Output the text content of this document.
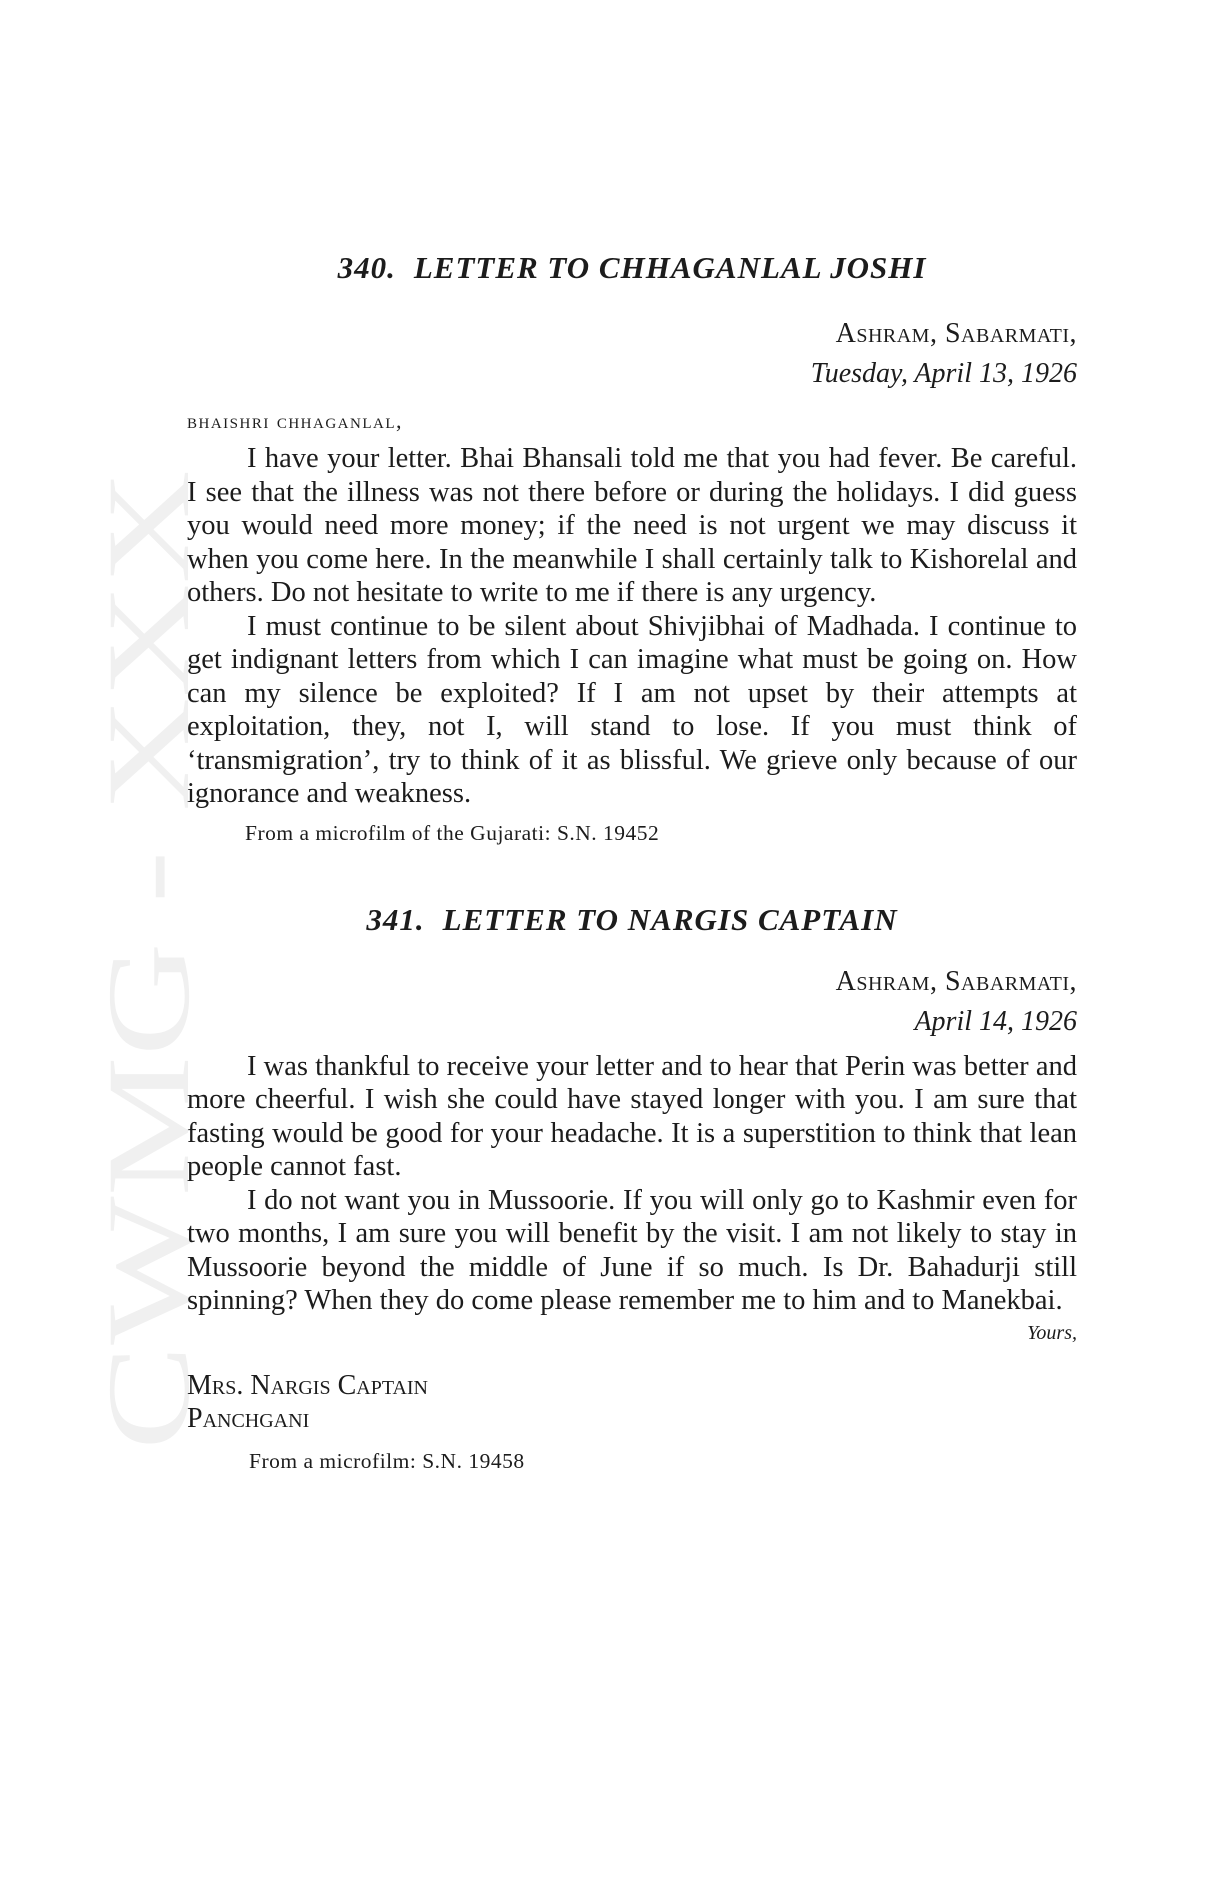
CWMG - XXX
340. LETTER TO CHHAGANLAL JOSHI
Ashram, Sabarmati,
Tuesday, April 13, 1926
bhaishri chhaganlal,

I have your letter. Bhai Bhansali told me that you had fever. Be careful. I see that the illness was not there before or during the holidays. I did guess you would need more money; if the need is not urgent we may discuss it when you come here. In the meanwhile I shall certainly talk to Kishorelal and others. Do not hesitate to write to me if there is any urgency.

I must continue to be silent about Shivjibhai of Madhada. I continue to get indignant letters from which I can imagine what must be going on. How can my silence be exploited? If I am not upset by their attempts at exploitation, they, not I, will stand to lose. If you must think of ‘transmigration’, try to think of it as blissful. We grieve only because of our ignorance and weakness.

From a microfilm of the Gujarati: S.N. 19452
341. LETTER TO NARGIS CAPTAIN
Ashram, Sabarmati,
April 14, 1926

I was thankful to receive your letter and to hear that Perin was better and more cheerful. I wish she could have stayed longer with you. I am sure that fasting would be good for your headache. It is a superstition to think that lean people cannot fast.

I do not want you in Mussoorie. If you will only go to Kashmir even for two months, I am sure you will benefit by the visit. I am not likely to stay in Mussoorie beyond the middle of June if so much. Is Dr. Bahadurji still spinning? When they do come please remember me to him and to Manekbai.

Yours,
Mrs. Nargis Captain
Panchgani
From a microfilm: S.N. 19458
